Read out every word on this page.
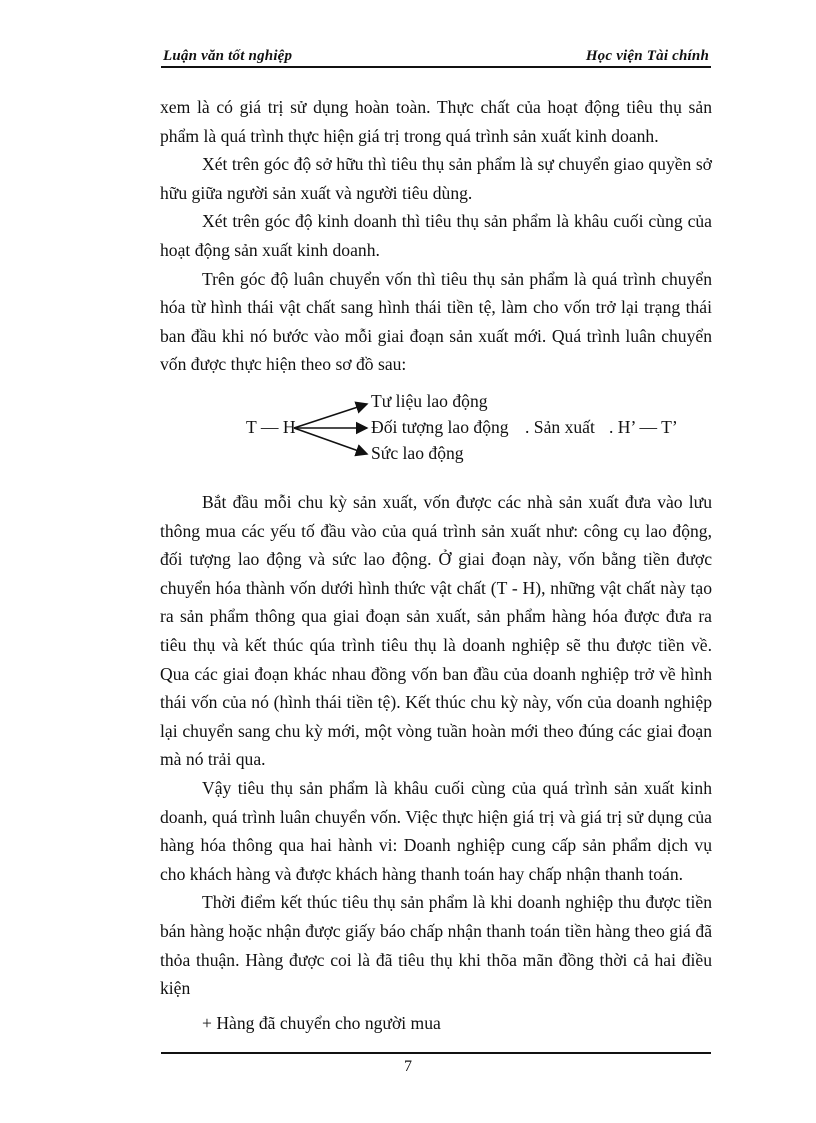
Luận văn tốt nghiệp	Học viện Tài chính

xem là có giá trị sử dụng hoàn toàn. Thực chất của hoạt động tiêu thụ sản phẩm là quá trình thực hiện giá trị trong quá trình sản xuất kinh doanh.

Xét trên góc độ sở hữu thì tiêu thụ sản phẩm là sự chuyển giao quyền sở hữu giữa người sản xuất và người tiêu dùng.

Xét trên góc độ kinh doanh thì tiêu thụ sản phẩm là khâu cuối cùng của hoạt động sản xuất kinh doanh.

Trên góc độ luân chuyển vốn thì tiêu thụ sản phẩm là quá trình chuyển hóa từ hình thái vật chất sang hình thái tiền tệ, làm cho vốn trở lại trạng thái ban đầu khi nó bước vào mỗi giai đoạn sản xuất mới. Quá trình luân chuyển vốn được thực hiện theo sơ đồ sau:

T — H
Tư liệu lao động
Đối tượng lao động
Sức lao động
. Sản xuất . H’ — T’

Bắt đầu mỗi chu kỳ sản xuất, vốn được các nhà sản xuất đưa vào lưu thông mua các yếu tố đầu vào của quá trình sản xuất như: công cụ lao động, đối tượng lao động và sức lao động. Ở giai đoạn này, vốn bằng tiền được chuyển hóa thành vốn dưới hình thức vật chất (T - H), những vật chất này tạo ra sản phẩm thông qua giai đoạn sản xuất, sản phẩm hàng hóa được đưa ra tiêu thụ và kết thúc qúa trình tiêu thụ là doanh nghiệp sẽ thu được tiền về. Qua các giai đoạn khác nhau đồng vốn ban đầu của doanh nghiệp trở về hình thái vốn của nó (hình thái tiền tệ). Kết thúc chu kỳ này, vốn của doanh nghiệp lại chuyển sang chu kỳ mới, một vòng tuần hoàn mới theo đúng các giai đoạn mà nó trải qua.

Vậy tiêu thụ sản phẩm là khâu cuối cùng của quá trình sản xuất kinh doanh, quá trình luân chuyển vốn. Việc thực hiện giá trị và giá trị sử dụng của hàng hóa thông qua hai hành vi: Doanh nghiệp cung cấp sản phẩm dịch vụ cho khách hàng và được khách hàng thanh toán hay chấp nhận thanh toán.

Thời điểm kết thúc tiêu thụ sản phẩm là khi doanh nghiệp thu được tiền bán hàng hoặc nhận được giấy báo chấp nhận thanh toán tiền hàng theo giá đã thỏa thuận. Hàng được coi là đã tiêu thụ khi thõa mãn đồng thời cả hai điều kiện

+ Hàng đã chuyển cho người mua

7
